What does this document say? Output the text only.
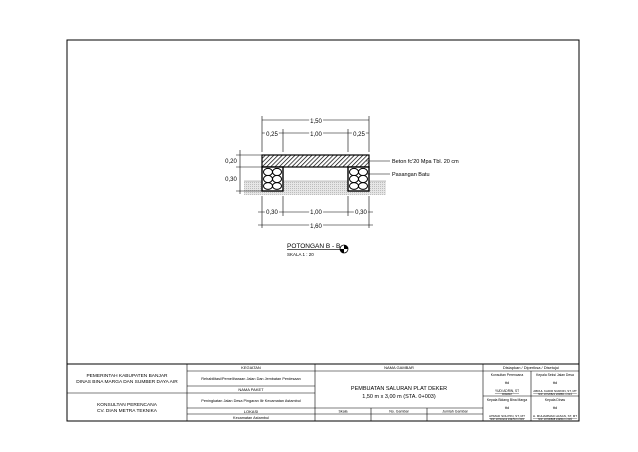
1,50
0,25	1,00	0,25
0,20
0,30
0,30	1,00	0,30
1,60
Beton fc'20 Mpa Tbl. 20 cm
Pasangan Batu
POTONGAN B - B
SKALA 1 : 20
PEMERINTAH KABUPATEN BANJAR
DINAS BINA MARGA DAN SUMBER DAYA AIR
KONSULTAN PERENCANA
CV. DIAN METRA TEKNIKA
KEGIATAN
Rehabilitasi/Pemeliharaan Jalan Dan Jembatan Perdesaan
NAMA PAKET
Peningkatan Jalan Desa Pingaran Ilir Kecamatan Astambul
LOKASI
Kecamatan Astambul
NAMA GAMBAR
PEMBUATAN SALURAN PLAT DEKER
1,50 m x 3,00 m (STA. 0+003)
Skala	No. Gambar	Jumlah Gambar
Disiapkan / Diperiksa / Disetujui
Konsultan Perencana
ttd
YUDI ADRIN, ST
Direktur
Kepala Seksi Jalan Desa
ttd
ABDUL KADIR NURDIN, ST, MT
NIP. 19720821 200801 1 014
Kepala Bidang Bina Marga
ttd
AHMAD SOLIHIN, ST, MT
NIP. 19710213 199703 1 003
Kepala Dinas
ttd
H. MUHAMMAD HASAN, ST, MT
NIP. 19700808 199603 1 004
